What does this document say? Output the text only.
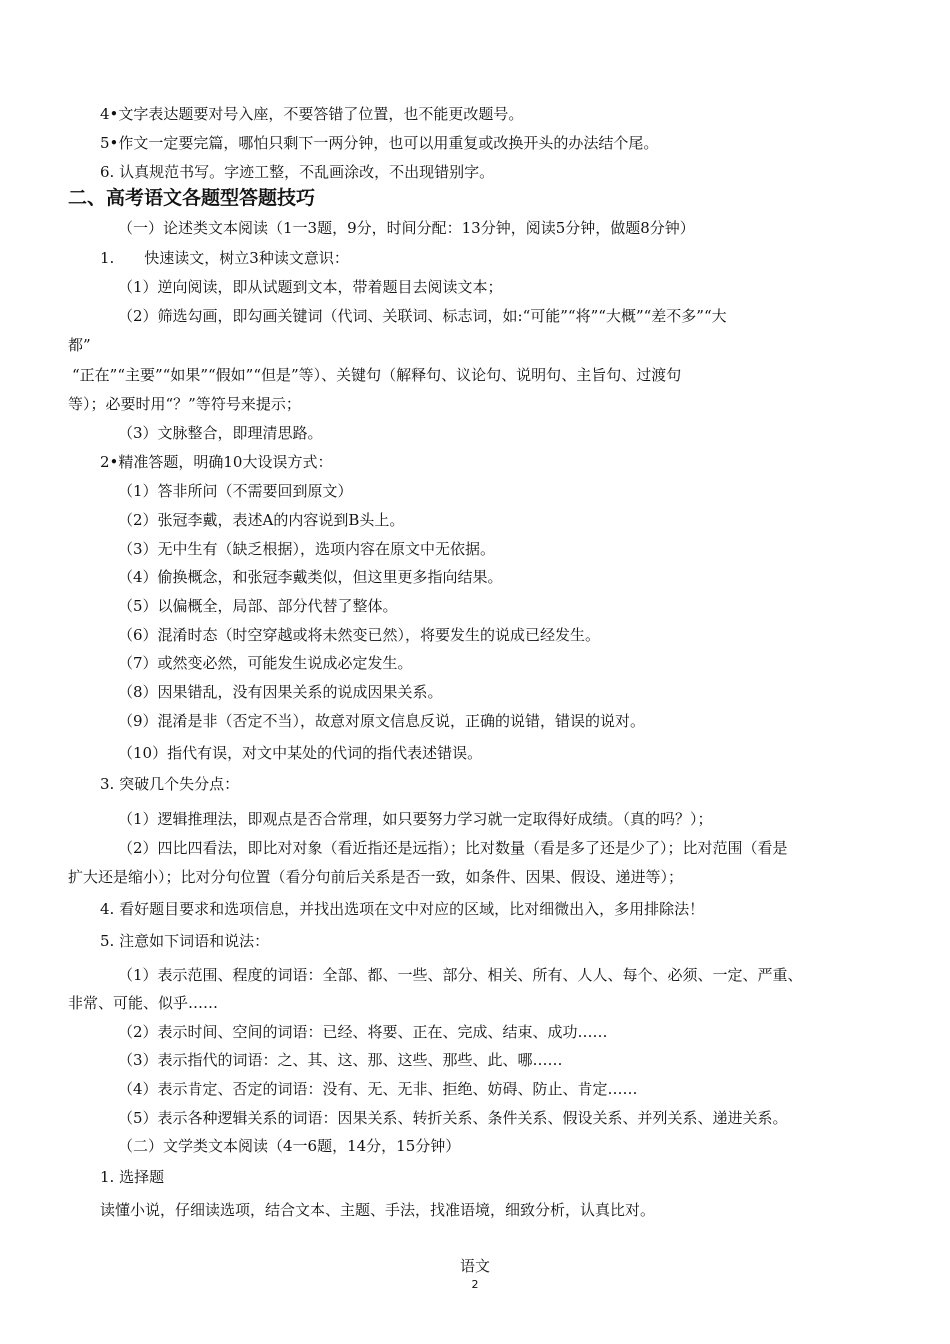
4•文字表达题要对号入座，不要答错了位置，也不能更改题号。
5•作文一定要完篇，哪怕只剩下一两分钟，也可以用重复或改换开头的办法结个尾。
6. 认真规范书写。字迹工整，不乱画涂改，不出现错别字。
二、高考语文各题型答题技巧
（一）论述类文本阅读（1一3题，9分，时间分配：13分钟，阅读5分钟，做题8分钟）
1.　　快速读文，树立3种读文意识：
（1）逆向阅读，即从试题到文本，带着题目去阅读文本；
（2）筛选勾画，即勾画关键词（代词、关联词、标志词，如:“可能”“将”“大概”“差不多”“大
都”
“正在”“主要”“如果”“假如”“但是”等）、关键句（解释句、议论句、说明句、主旨句、过渡句
等）；必要时用“？”等符号来提示；
（3）文脉整合，即理清思路。
2•精准答题，明确10大设误方式：
（1）答非所问（不需要回到原文）
（2）张冠李戴，表述A的内容说到B头上。
（3）无中生有（缺乏根据），选项内容在原文中无依据。
（4）偷换概念，和张冠李戴类似，但这里更多指向结果。
（5）以偏概全，局部、部分代替了整体。
（6）混淆时态（时空穿越或将未然变已然），将要发生的说成已经发生。
（7）或然变必然，可能发生说成必定发生。
（8）因果错乱，没有因果关系的说成因果关系。
（9）混淆是非（否定不当），故意对原文信息反说，正确的说错，错误的说对。
（10）指代有误，对文中某处的代词的指代表述错误。
3. 突破几个失分点：
（1）逻辑推理法，即观点是否合常理，如只要努力学习就一定取得好成绩。（真的吗？）；
（2）四比四看法，即比对对象（看近指还是远指）；比对数量（看是多了还是少了）；比对范围（看是
扩大还是缩小）；比对分句位置（看分句前后关系是否一致，如条件、因果、假设、递进等）；
4. 看好题目要求和选项信息，并找出选项在文中对应的区域，比对细微出入，多用排除法！
5. 注意如下词语和说法：
（1）表示范围、程度的词语：全部、都、一些、部分、相关、所有、人人、每个、必须、一定、严重、
非常、可能、似乎……
（2）表示时间、空间的词语：已经、将要、正在、完成、结束、成功……
（3）表示指代的词语：之、其、这、那、这些、那些、此、哪……
（4）表示肯定、否定的词语：没有、无、无非、拒绝、妨碍、防止、肯定……
（5）表示各种逻辑关系的词语：因果关系、转折关系、条件关系、假设关系、并列关系、递进关系。
（二）文学类文本阅读（4一6题，14分，15分钟）
1. 选择题
读懂小说，仔细读选项，结合文本、主题、手法，找准语境，细致分析，认真比对。
语文
2
